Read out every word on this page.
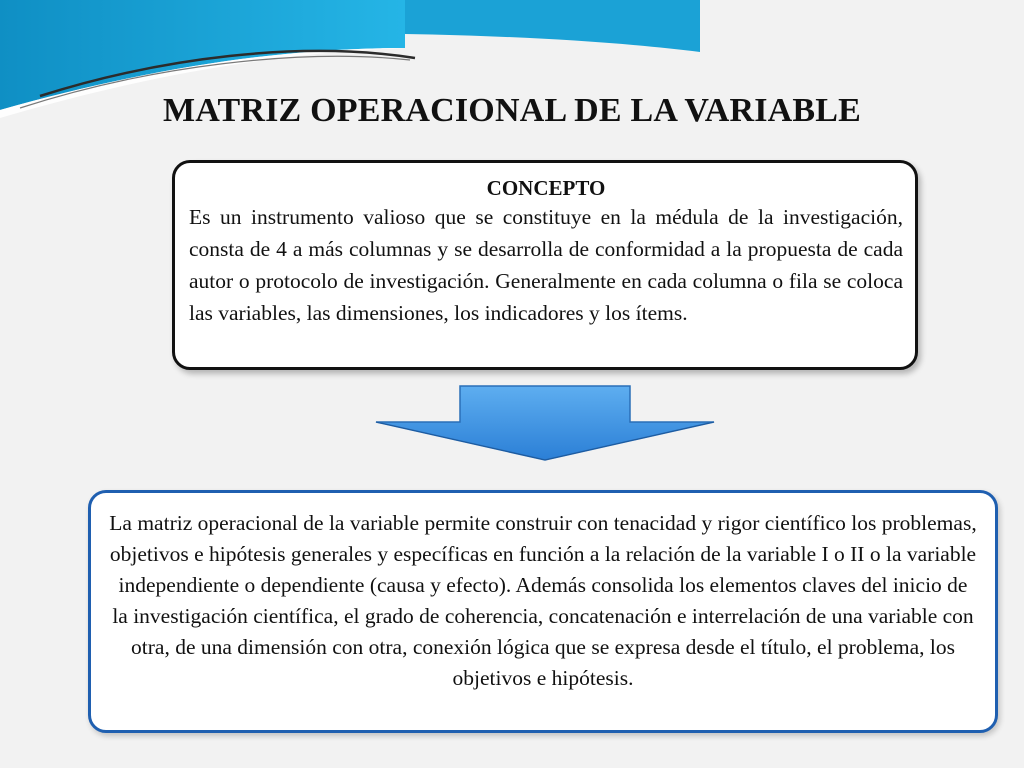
MATRIZ OPERACIONAL DE LA VARIABLE
CONCEPTO
Es un instrumento valioso que se constituye en la médula de la investigación, consta de 4 a más columnas y se desarrolla de conformidad a la propuesta de cada autor o protocolo de investigación. Generalmente en cada columna o fila se coloca las variables, las dimensiones, los indicadores y los ítems.
La matriz operacional de la variable permite construir con tenacidad y rigor científico los problemas, objetivos e hipótesis generales y específicas en función a la relación de la variable I o II o la variable independiente o dependiente (causa y efecto). Además consolida los elementos claves del inicio de la investigación científica, el grado de coherencia, concatenación e interrelación de una variable con otra, de una dimensión con otra, conexión lógica que se expresa desde el título, el problema, los objetivos e hipótesis.
